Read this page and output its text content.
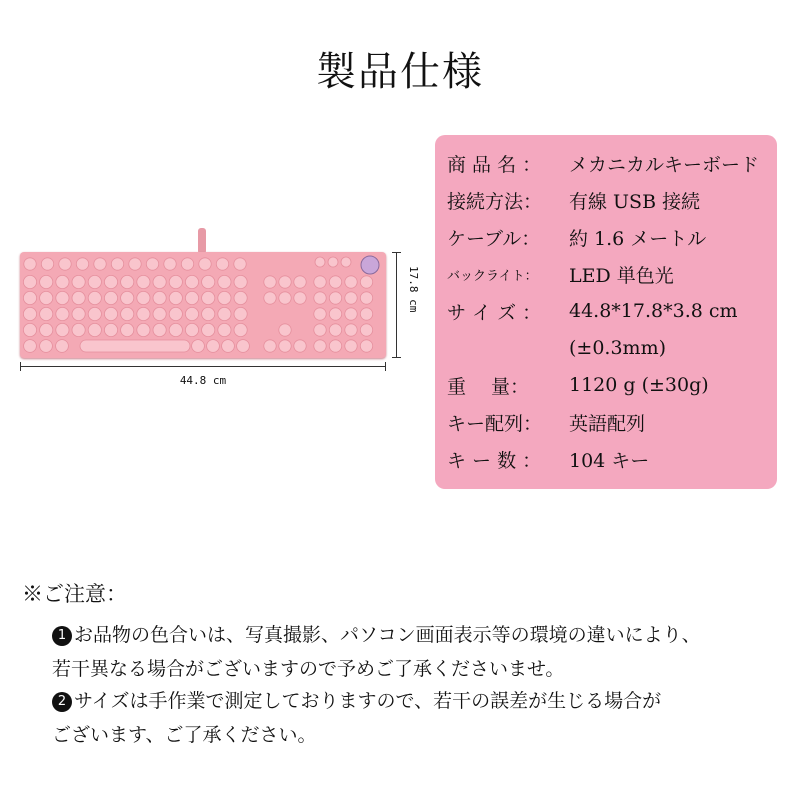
製品仕様
17.8 cm
44.8 cm
商 品 名 ：	メカニカルキーボード
接続方法：	有線 USB 接続
ケーブル：	約 1.6 メートル
バックライト：	LED 単色光
サ イ ズ ：	44.8*17.8*3.8 cm
(±0.3mm)
重　 量：	1120 g (±30g)
キー配列：	英語配列
キ ー 数 ：	104 キー
※ご注意：
1 お品物の色合いは、写真撮影、パソコン画面表示等の環境の違いにより、
若干異なる場合がございますので予めご了承くださいませ。
2 サイズは手作業で測定しておりますので、若干の誤差が生じる場合が
ございます、ご了承ください。
